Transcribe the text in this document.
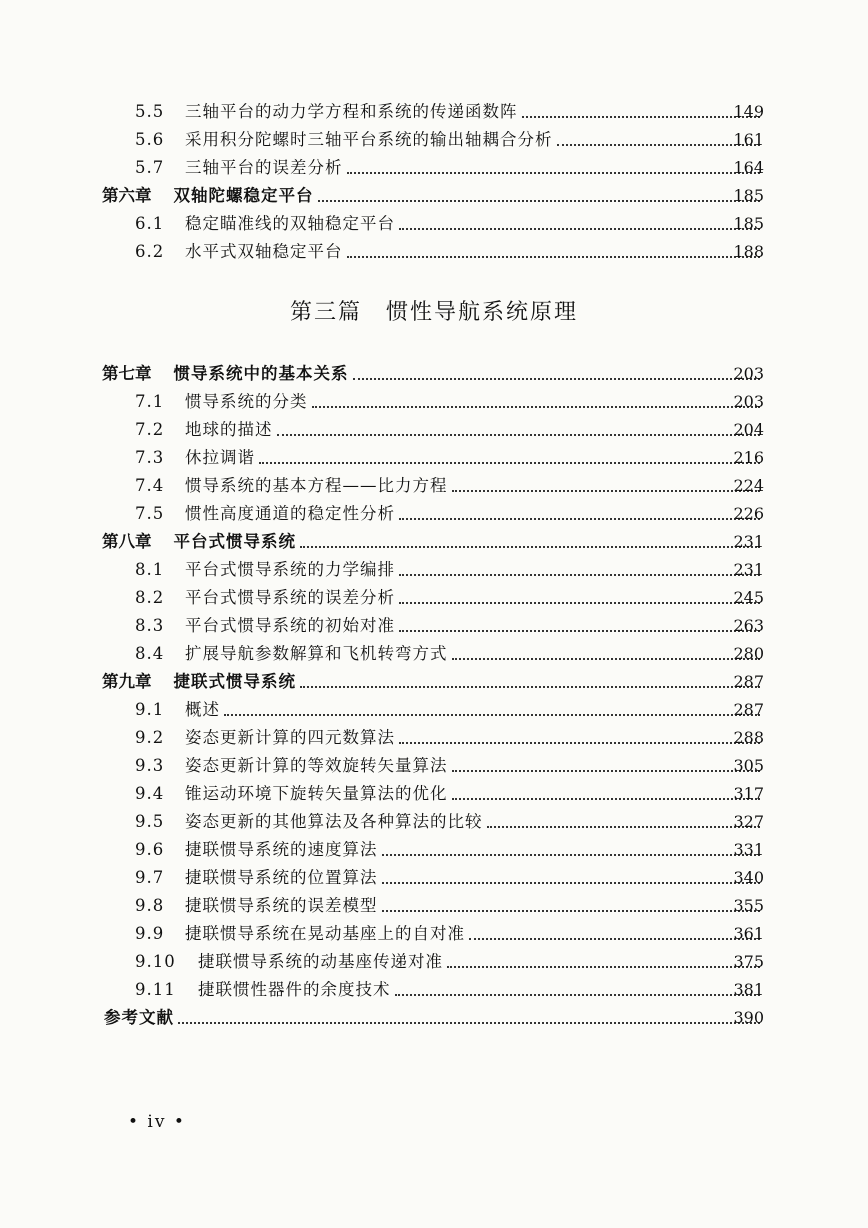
5.5	三轴平台的动力学方程和系统的传递函数阵	149
5.6	采用积分陀螺时三轴平台系统的输出轴耦合分析	161
5.7	三轴平台的误差分析	164
第六章 双轴陀螺稳定平台	185
6.1	稳定瞄准线的双轴稳定平台	185
6.2	水平式双轴稳定平台	188
第三篇 惯性导航系统原理
第七章 惯导系统中的基本关系	203
7.1	惯导系统的分类	203
7.2	地球的描述	204
7.3	休拉调谐	216
7.4	惯导系统的基本方程——比力方程	224
7.5	惯性高度通道的稳定性分析	226
第八章 平台式惯导系统	231
8.1	平台式惯导系统的力学编排	231
8.2	平台式惯导系统的误差分析	245
8.3	平台式惯导系统的初始对准	263
8.4	扩展导航参数解算和飞机转弯方式	280
第九章 捷联式惯导系统	287
9.1	概述	287
9.2	姿态更新计算的四元数算法	288
9.3	姿态更新计算的等效旋转矢量算法	305
9.4	锥运动环境下旋转矢量算法的优化	317
9.5	姿态更新的其他算法及各种算法的比较	327
9.6	捷联惯导系统的速度算法	331
9.7	捷联惯导系统的位置算法	340
9.8	捷联惯导系统的误差模型	355
9.9	捷联惯导系统在晃动基座上的自对准	361
9.10	捷联惯导系统的动基座传递对准	375
9.11	捷联惯性器件的余度技术	381
参考文献	390
• iv •
